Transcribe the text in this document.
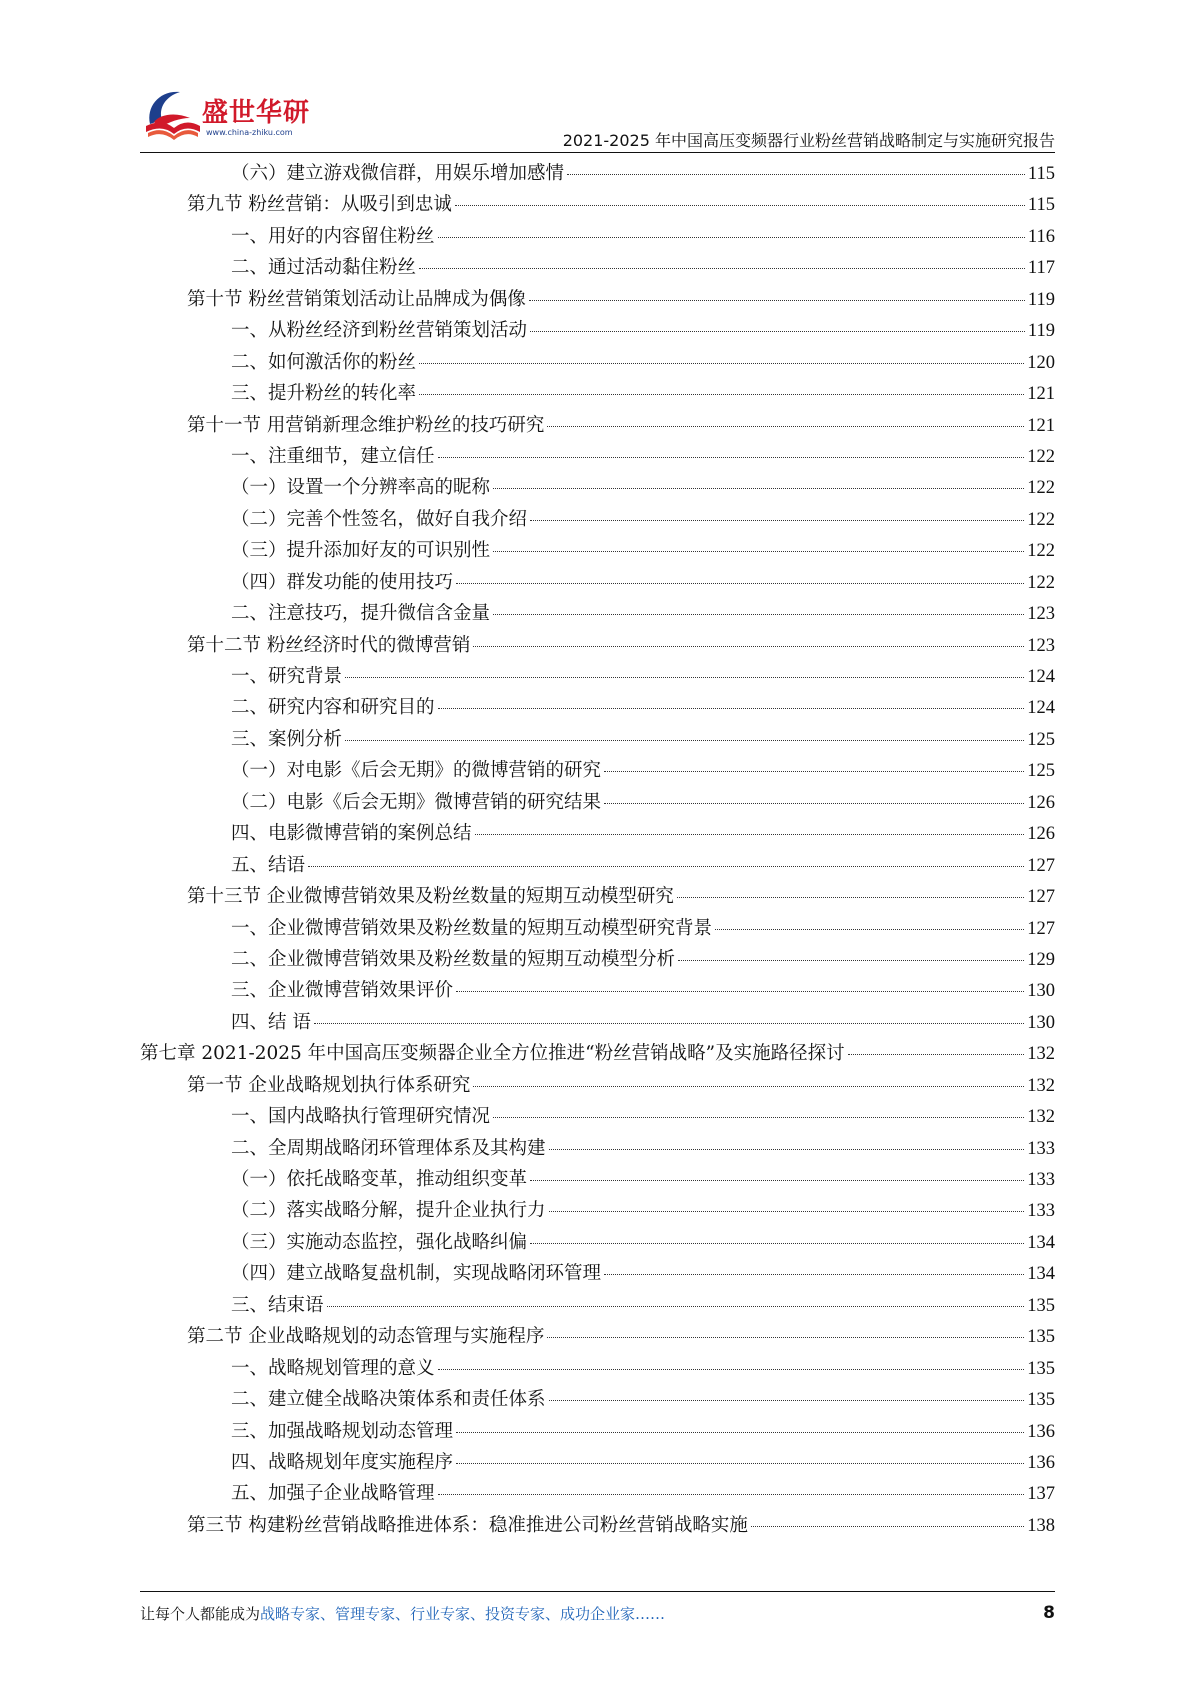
盛世华研
www.china-zhiku.com	2021-2025 年中国高压变频器行业粉丝营销战略制定与实施研究报告
（六）建立游戏微信群，用娱乐增加感情	115
第九节 粉丝营销：从吸引到忠诚	115
一、用好的内容留住粉丝	116
二、通过活动黏住粉丝	117
第十节 粉丝营销策划活动让品牌成为偶像	119
一、从粉丝经济到粉丝营销策划活动	119
二、如何激活你的粉丝	120
三、提升粉丝的转化率	121
第十一节 用营销新理念维护粉丝的技巧研究	121
一、注重细节，建立信任	122
（一）设置一个分辨率高的昵称	122
（二）完善个性签名，做好自我介绍	122
（三）提升添加好友的可识别性	122
（四）群发功能的使用技巧	122
二、注意技巧，提升微信含金量	123
第十二节 粉丝经济时代的微博营销	123
一、研究背景	124
二、研究内容和研究目的	124
三、案例分析	125
（一）对电影《后会无期》的微博营销的研究	125
（二）电影《后会无期》微博营销的研究结果	126
四、电影微博营销的案例总结	126
五、结语	127
第十三节 企业微博营销效果及粉丝数量的短期互动模型研究	127
一、企业微博营销效果及粉丝数量的短期互动模型研究背景	127
二、企业微博营销效果及粉丝数量的短期互动模型分析	129
三、企业微博营销效果评价	130
四、结 语	130
第七章 2021-2025 年中国高压变频器企业全方位推进“粉丝营销战略”及实施路径探讨	132
第一节 企业战略规划执行体系研究	132
一、国内战略执行管理研究情况	132
二、全周期战略闭环管理体系及其构建	133
（一）依托战略变革，推动组织变革	133
（二）落实战略分解，提升企业执行力	133
（三）实施动态监控，强化战略纠偏	134
（四）建立战略复盘机制，实现战略闭环管理	134
三、结束语	135
第二节 企业战略规划的动态管理与实施程序	135
一、战略规划管理的意义	135
二、建立健全战略决策体系和责任体系	135
三、加强战略规划动态管理	136
四、战略规划年度实施程序	136
五、加强子企业战略管理	137
第三节 构建粉丝营销战略推进体系：稳准推进公司粉丝营销战略实施	138
让每个人都能成为战略专家、管理专家、行业专家、投资专家、成功企业家……	8
